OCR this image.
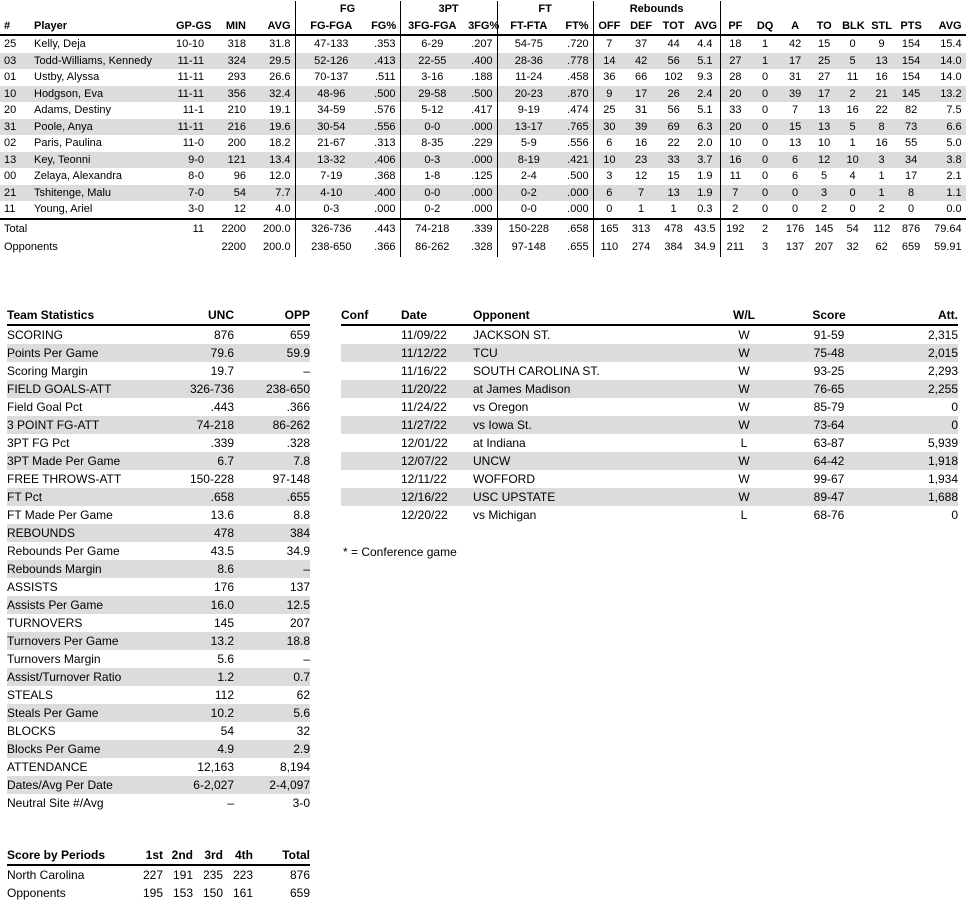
					FG		3PT		FT		Rebounds											
#	Player	GP-GS	MIN	AVG	FG-FGA	FG%	3FG-FGA	3FG%	FT-FTA	FT%	OFF	DEF	TOT	AVG	PF	DQ	A	TO	BLK	STL	PTS	AVG
25	Kelly, Deja	10-10	318	31.8	47-133	.353	6-29	.207	54-75	.720	7	37	44	4.4	18	1	42	15	0	9	154	15.4
03	Todd-Williams, Kennedy	11-11	324	29.5	52-126	.413	22-55	.400	28-36	.778	14	42	56	5.1	27	1	17	25	5	13	154	14.0
01	Ustby, Alyssa	11-11	293	26.6	70-137	.511	3-16	.188	11-24	.458	36	66	102	9.3	28	0	31	27	11	16	154	14.0
10	Hodgson, Eva	11-11	356	32.4	48-96	.500	29-58	.500	20-23	.870	9	17	26	2.4	20	0	39	17	2	21	145	13.2
20	Adams, Destiny	11-1	210	19.1	34-59	.576	5-12	.417	9-19	.474	25	31	56	5.1	33	0	7	13	16	22	82	7.5
31	Poole, Anya	11-11	216	19.6	30-54	.556	0-0	.000	13-17	.765	30	39	69	6.3	20	0	15	13	5	8	73	6.6
02	Paris, Paulina	11-0	200	18.2	21-67	.313	8-35	.229	5-9	.556	6	16	22	2.0	10	0	13	10	1	16	55	5.0
13	Key, Teonni	9-0	121	13.4	13-32	.406	0-3	.000	8-19	.421	10	23	33	3.7	16	0	6	12	10	3	34	3.8
00	Zelaya, Alexandra	8-0	96	12.0	7-19	.368	1-8	.125	2-4	.500	3	12	15	1.9	11	0	6	5	4	1	17	2.1
21	Tshitenge, Malu	7-0	54	7.7	4-10	.400	0-0	.000	0-2	.000	6	7	13	1.9	7	0	0	3	0	1	8	1.1
11	Young, Ariel	3-0	12	4.0	0-3	.000	0-2	.000	0-0	.000	0	1	1	0.3	2	0	0	2	0	2	0	0.0
Total		11	2200	200.0	326-736	.443	74-218	.339	150-228	.658	165	313	478	43.5	192	2	176	145	54	112	876	79.64
Opponents			2200	200.0	238-650	.366	86-262	.328	97-148	.655	110	274	384	34.9	211	3	137	207	32	62	659	59.91
Team Statistics	UNC	OPP
SCORING	876	659
Points Per Game	79.6	59.9
Scoring Margin	19.7	–
FIELD GOALS-ATT	326-736	238-650
Field Goal Pct	.443	.366
3 POINT FG-ATT	74-218	86-262
3PT FG Pct	.339	.328
3PT Made Per Game	6.7	7.8
FREE THROWS-ATT	150-228	97-148
FT Pct	.658	.655
FT Made Per Game	13.6	8.8
REBOUNDS	478	384
Rebounds Per Game	43.5	34.9
Rebounds Margin	8.6	–
ASSISTS	176	137
Assists Per Game	16.0	12.5
TURNOVERS	145	207
Turnovers Per Game	13.2	18.8
Turnovers Margin	5.6	–
Assist/Turnover Ratio	1.2	0.7
STEALS	112	62
Steals Per Game	10.2	5.6
BLOCKS	54	32
Blocks Per Game	4.9	2.9
ATTENDANCE	12,163	8,194
Dates/Avg Per Date	6-2,027	2-4,097
Neutral Site #/Avg	–	3-0
Conf	Date	Opponent	W/L	Score	Att.
	11/09/22	JACKSON ST.	W	91-59	2,315
	11/12/22	TCU	W	75-48	2,015
	11/16/22	SOUTH CAROLINA ST.	W	93-25	2,293
	11/20/22	at James Madison	W	76-65	2,255
	11/24/22	vs Oregon	W	85-79	0
	11/27/22	vs Iowa St.	W	73-64	0
	12/01/22	at Indiana	L	63-87	5,939
	12/07/22	UNCW	W	64-42	1,918
	12/11/22	WOFFORD	W	99-67	1,934
	12/16/22	USC UPSTATE	W	89-47	1,688
	12/20/22	vs Michigan	L	68-76	0
* = Conference game
Score by Periods	1st	2nd	3rd	4th	Total
North Carolina	227	191	235	223	876
Opponents	195	153	150	161	659
